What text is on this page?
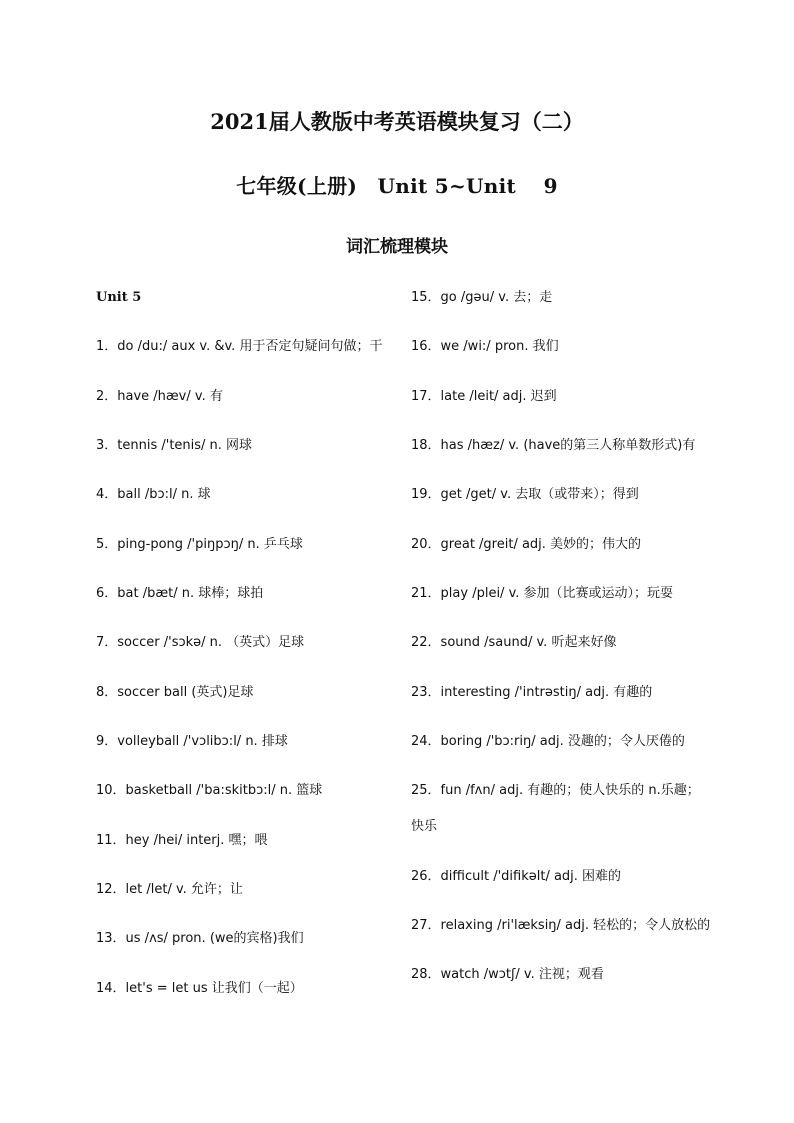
2021届人教版中考英语模块复习（二）
七年级(上册)　Unit 5~Unit　 9
词汇梳理模块
Unit 5
1．do /du:/ aux v. &v. 用于否定句疑问句做；干
2．have /hæv/ v. 有
3．tennis /'tenis/ n. 网球
4．ball /bɔ:l/ n. 球
5．ping-pong /'piŋpɔŋ/ n. 乒乓球
6．bat /bæt/ n. 球棒；球拍
7．soccer /'sɔkə/ n. （英式）足球
8．soccer ball (英式)足球
9．volleyball /'vɔlibɔ:l/ n. 排球
10．basketball /'ba:skitbɔ:l/ n. 篮球
11．hey /hei/ interj. 嘿；喂
12．let /let/ v. 允许；让
13．us /ʌs/ pron. (we的宾格)我们
14．let's = let us 让我们（一起）
15．go /gəu/ v. 去；走
16．we /wi:/ pron. 我们
17．late /leit/ adj. 迟到
18．has /hæz/ v. (have的第三人称单数形式)有
19．get /get/ v. 去取（或带来）；得到
20．great /greit/ adj. 美妙的；伟大的
21．play /plei/ v. 参加（比赛或运动）；玩耍
22．sound /saund/ v. 听起来好像
23．interesting /'intrəstiŋ/ adj. 有趣的
24．boring /'bɔ:riŋ/ adj. 没趣的；令人厌倦的
25．fun /fʌn/ adj. 有趣的；使人快乐的 n.乐趣；
快乐
26．difficult /'difikəlt/ adj. 困难的
27．relaxing /ri'læksiŋ/ adj. 轻松的；令人放松的
28．watch /wɔtʃ/ v. 注视；观看
